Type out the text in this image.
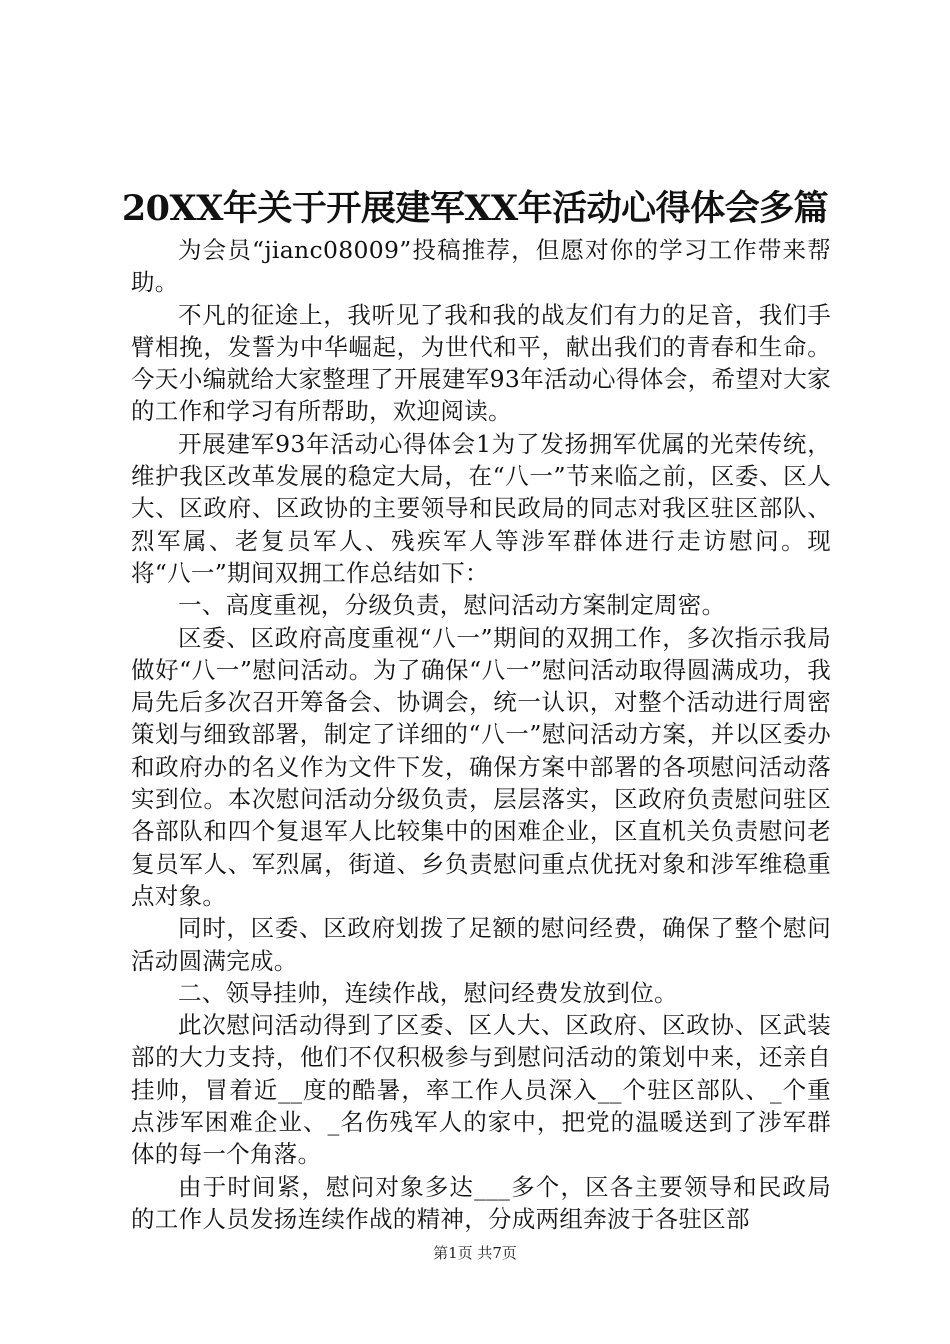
20XX年关于开展建军XX年活动心得体会多篇

为会员“jianc08009”投稿推荐，但愿对你的学习工作带来帮助。

不凡的征途上，我听见了我和我的战友们有力的足音，我们手臂相挽，发誓为中华崛起，为世代和平，献出我们的青春和生命。今天小编就给大家整理了开展建军93年活动心得体会，希望对大家的工作和学习有所帮助，欢迎阅读。

开展建军93年活动心得体会1为了发扬拥军优属的光荣传统，维护我区改革发展的稳定大局，在“八一”节来临之前，区委、区人大、区政府、区政协的主要领导和民政局的同志对我区驻区部队、烈军属、老复员军人、残疾军人等涉军群体进行走访慰问。现将“八一”期间双拥工作总结如下：

一、高度重视，分级负责，慰问活动方案制定周密。

区委、区政府高度重视“八一”期间的双拥工作，多次指示我局做好“八一”慰问活动。为了确保“八一”慰问活动取得圆满成功，我局先后多次召开筹备会、协调会，统一认识，对整个活动进行周密策划与细致部署，制定了详细的“八一”慰问活动方案，并以区委办和政府办的名义作为文件下发，确保方案中部署的各项慰问活动落实到位。本次慰问活动分级负责，层层落实，区政府负责慰问驻区各部队和四个复退军人比较集中的困难企业，区直机关负责慰问老复员军人、军烈属，街道、乡负责慰问重点优抚对象和涉军维稳重点对象。

同时，区委、区政府划拨了足额的慰问经费，确保了整个慰问活动圆满完成。

二、领导挂帅，连续作战，慰问经费发放到位。

此次慰问活动得到了区委、区人大、区政府、区政协、区武装部的大力支持，他们不仅积极参与到慰问活动的策划中来，还亲自挂帅，冒着近__度的酷暑，率工作人员深入__个驻区部队、_个重点涉军困难企业、_名伤残军人的家中，把党的温暖送到了涉军群体的每一个角落。

由于时间紧，慰问对象多达___多个，区各主要领导和民政局的工作人员发扬连续作战的精神，分成两组奔波于各驻区部

第1页 共7页
